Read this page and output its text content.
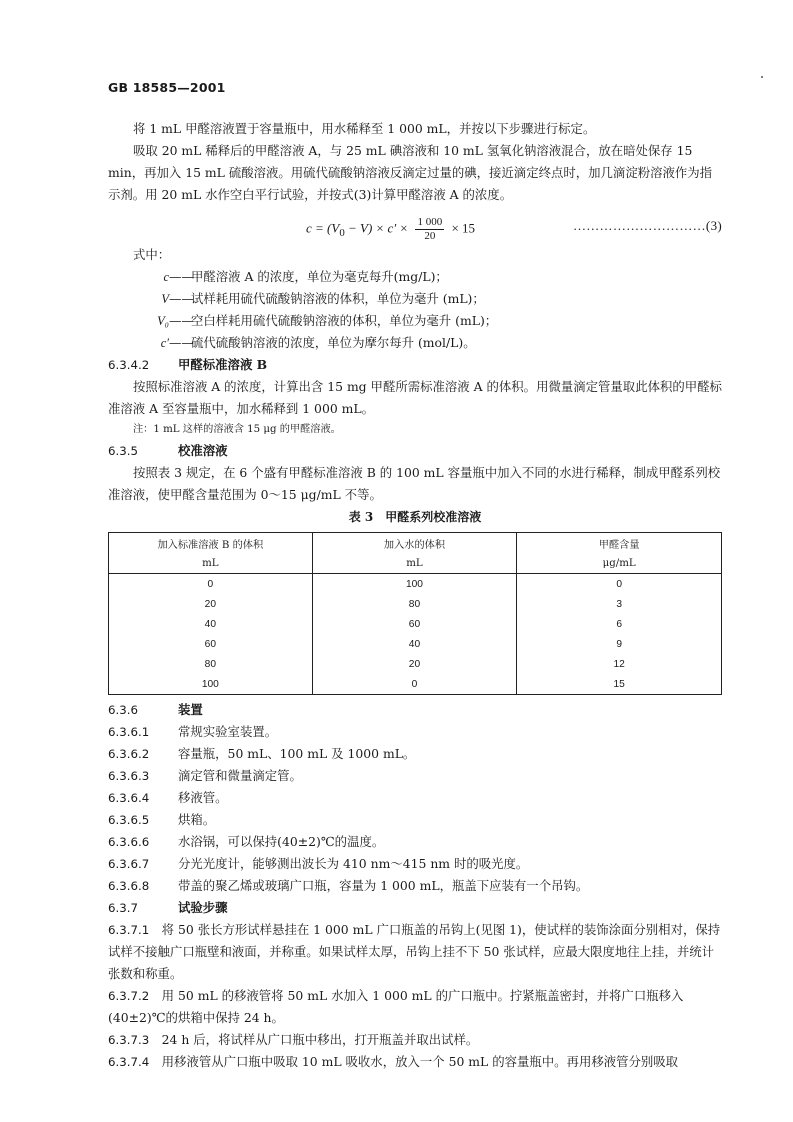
GB 18585—2001

将 1 mL 甲醛溶液置于容量瓶中，用水稀释至 1 000 mL，并按以下步骤进行标定。

吸取 20 mL 稀释后的甲醛溶液 A，与 25 mL 碘溶液和 10 mL 氢氧化钠溶液混合，放在暗处保存 15 min，再加入 15 mL 硫酸溶液。用硫代硫酸钠溶液反滴定过量的碘，接近滴定终点时，加几滴淀粉溶液作为指示剂。用 20 mL 水作空白平行试验，并按式(3)计算甲醛溶液 A 的浓度。

$c = (V_0 - V) \times c' \times \frac{1 000}{20} \times 15$	…………………………(3)

式中：

c ——
甲醛溶液 A 的浓度，单位为毫克每升(mg/L)；
V ——
试样耗用硫代硫酸钠溶液的体积，单位为毫升 (mL)；
V₀ ——
空白样耗用硫代硫酸钠溶液的体积，单位为毫升 (mL)；
c′ ——
硫代硫酸钠溶液的浓度，单位为摩尔每升 (mol/L)。
6.3.4.2	甲醛标准溶液 B

按照标准溶液 A 的浓度，计算出含 15 mg 甲醛所需标准溶液 A 的体积。用微量滴定管量取此体积的甲醛标准溶液 A 至容量瓶中，加水稀释到 1 000 mL。

注：1 mL 这样的溶液含 15 μg 的甲醛溶液。

6.3.5	校准溶液

按照表 3 规定，在 6 个盛有甲醛标准溶液 B 的 100 mL 容量瓶中加入不同的水进行稀释，制成甲醛系列校准溶液，使甲醛含量范围为 0～15 μg/mL 不等。

表 3　甲醛系列校准溶液

加入标准溶液 B 的体积	加入水的体积	甲醛含量
mL	mL	μg/mL
0	100	0
20	80	3
40	60	6
60	40	9
80	20	12
100	0	15
6.3.6	装置
6.3.6.1	常规实验室装置。
6.3.6.2	容量瓶，50 mL、100 mL 及 1000 mL。
6.3.6.3	滴定管和微量滴定管。
6.3.6.4	移液管。
6.3.6.5	烘箱。
6.3.6.6	水浴锅，可以保持(40±2)℃的温度。
6.3.6.7	分光光度计，能够测出波长为 410 nm～415 nm 时的吸光度。
6.3.6.8	带盖的聚乙烯或玻璃广口瓶，容量为 1 000 mL，瓶盖下应装有一个吊钩。
6.3.7	试验步骤

6.3.7.1　 将 50 张长方形试样悬挂在 1 000 mL 广口瓶盖的吊钩上(见图 1)，使试样的装饰涂面分别相对，保持试样不接触广口瓶壁和液面，并称重。如果试样太厚，吊钩上挂不下 50 张试样，应最大限度地往上挂，并统计张数和称重。

6.3.7.2　 用 50 mL 的移液管将 50 mL 水加入 1 000 mL 的广口瓶中。拧紧瓶盖密封，并将广口瓶移入(40±2)℃的烘箱中保持 24 h。

6.3.7.3　 24 h 后，将试样从广口瓶中移出，打开瓶盖并取出试样。

6.3.7.4　 用移液管从广口瓶中吸取 10 mL 吸收水，放入一个 50 mL 的容量瓶中。再用移液管分别吸取
